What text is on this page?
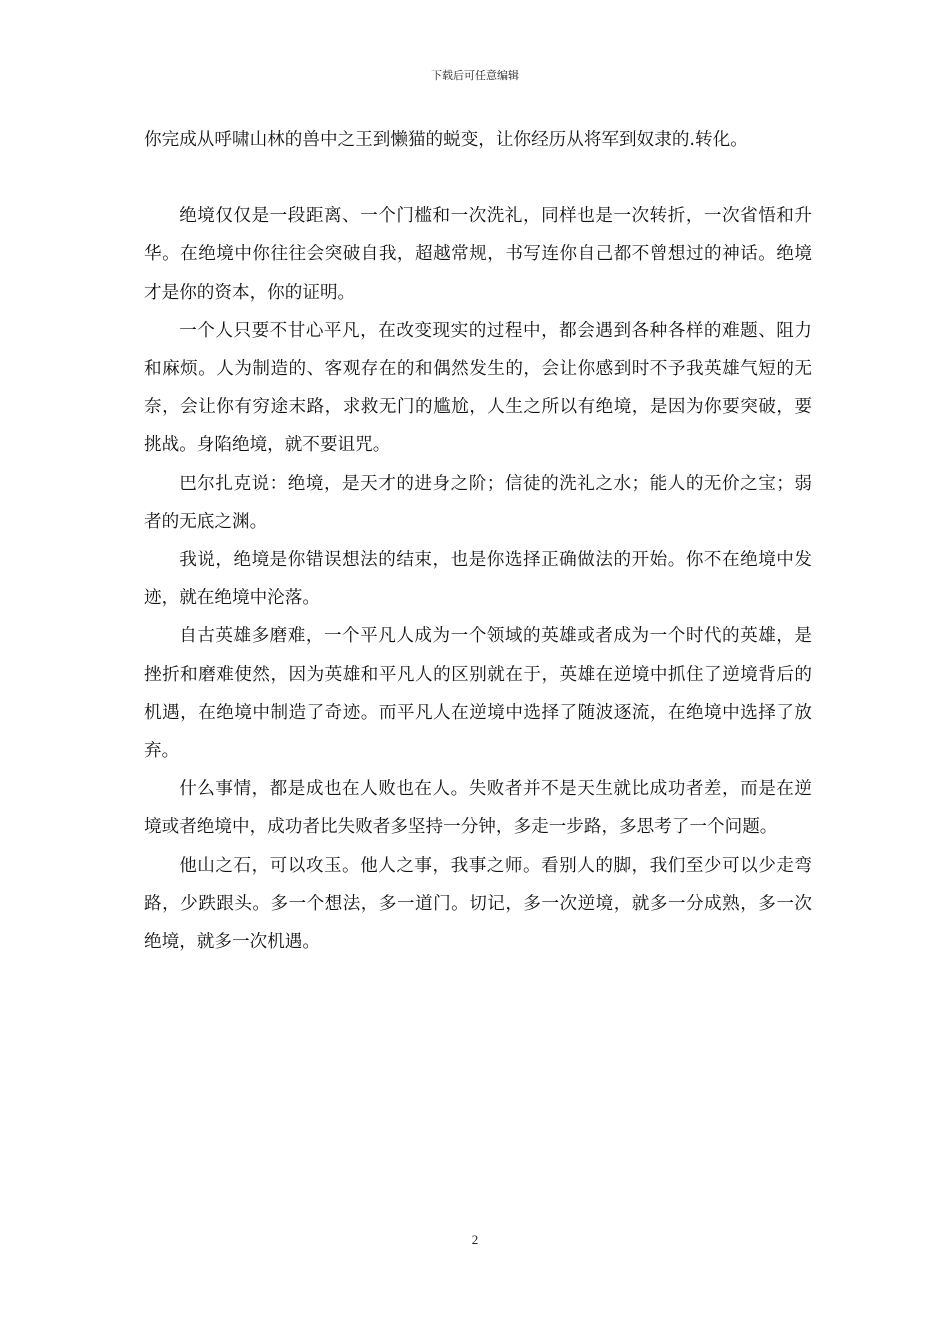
下载后可任意编辑

你完成从呼啸山林的兽中之王到懒猫的蜕变，让你经历从将军到奴隶的.转化。

绝境仅仅是一段距离、一个门槛和一次洗礼，同样也是一次转折，一次省悟和升华。在绝境中你往往会突破自我，超越常规，书写连你自己都不曾想过的神话。绝境才是你的资本，你的证明。

一个人只要不甘心平凡，在改变现实的过程中，都会遇到各种各样的难题、阻力和麻烦。人为制造的、客观存在的和偶然发生的，会让你感到时不予我英雄气短的无奈，会让你有穷途末路，求救无门的尴尬，人生之所以有绝境，是因为你要突破，要挑战。身陷绝境，就不要诅咒。

巴尔扎克说：绝境，是天才的进身之阶；信徒的洗礼之水；能人的无价之宝；弱者的无底之渊。

我说，绝境是你错误想法的结束，也是你选择正确做法的开始。你不在绝境中发迹，就在绝境中沦落。

自古英雄多磨难，一个平凡人成为一个领域的英雄或者成为一个时代的英雄，是挫折和磨难使然，因为英雄和平凡人的区别就在于，英雄在逆境中抓住了逆境背后的机遇，在绝境中制造了奇迹。而平凡人在逆境中选择了随波逐流，在绝境中选择了放弃。

什么事情，都是成也在人败也在人。失败者并不是天生就比成功者差，而是在逆境或者绝境中，成功者比失败者多坚持一分钟，多走一步路，多思考了一个问题。

他山之石，可以攻玉。他人之事，我事之师。看别人的脚，我们至少可以少走弯路，少跌跟头。多一个想法，多一道门。切记，多一次逆境，就多一分成熟，多一次绝境，就多一次机遇。

2
